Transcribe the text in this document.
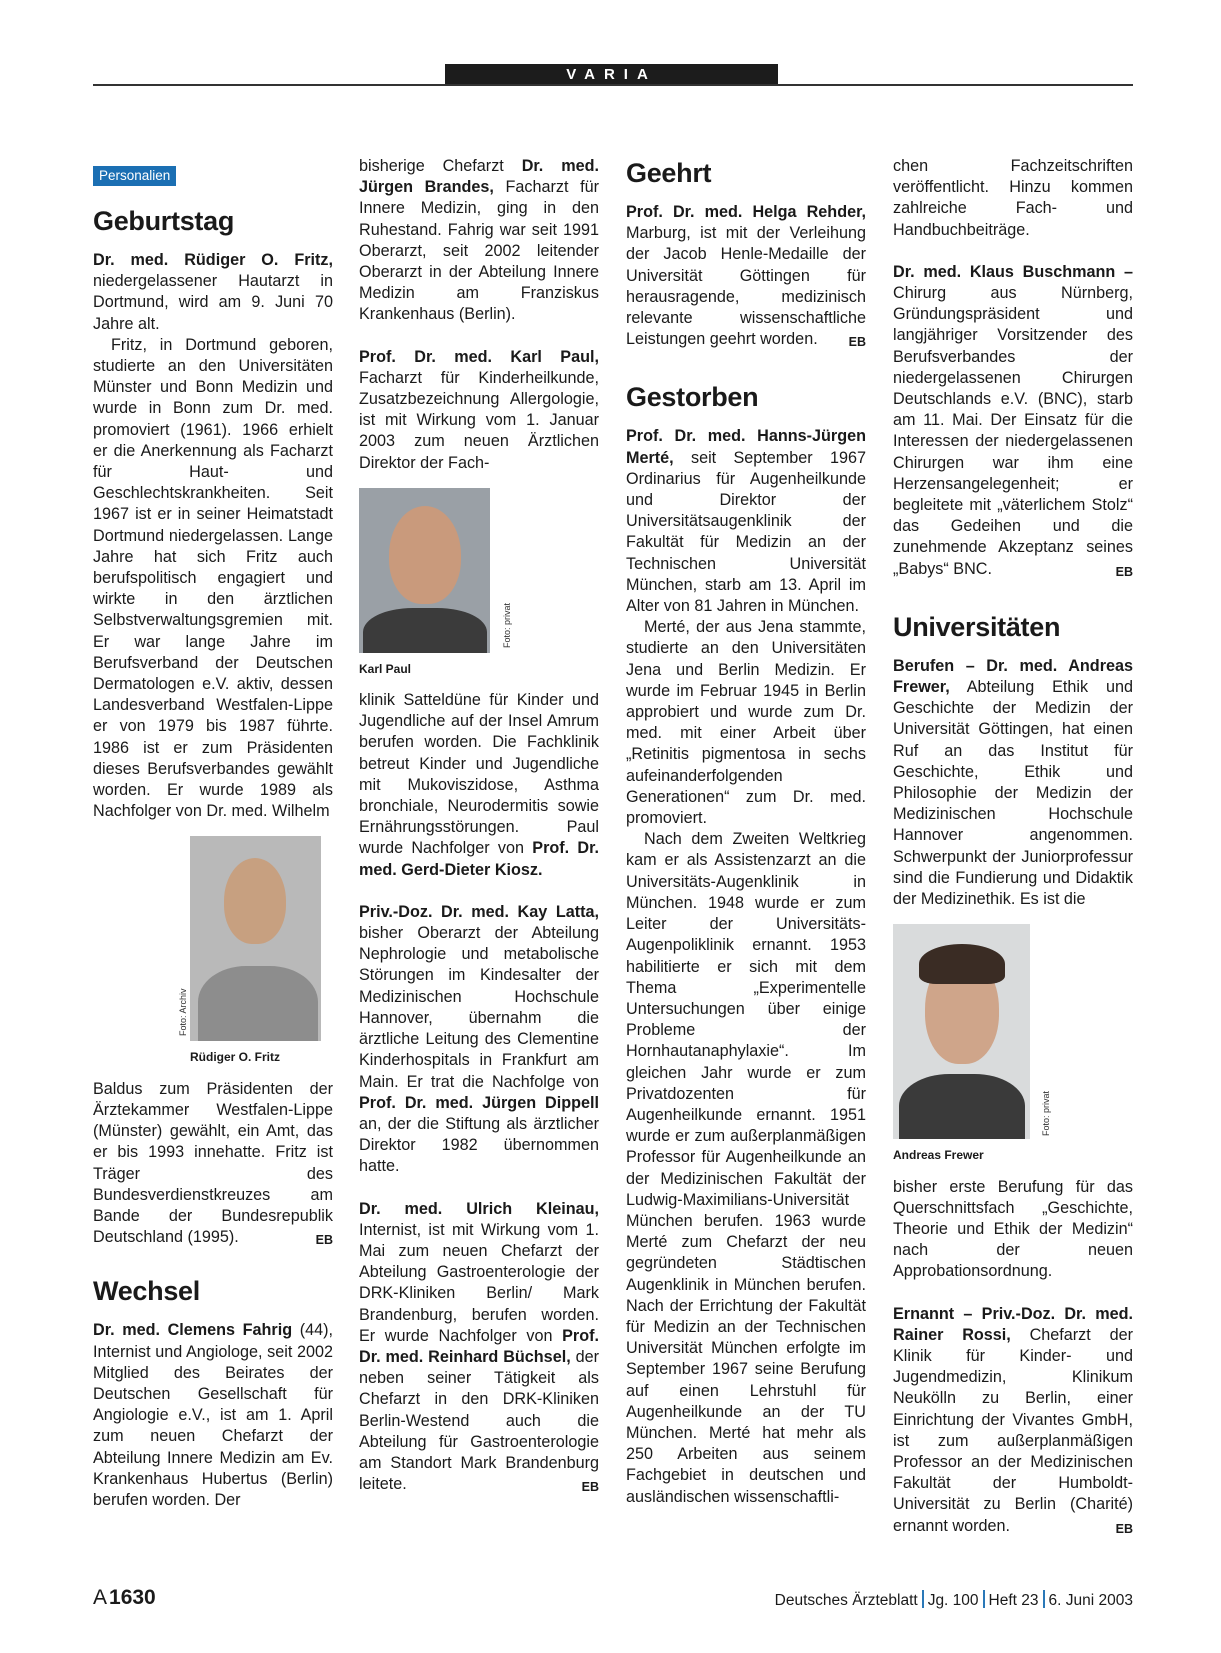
VARIA
Personalien
Geburtstag

Dr. med. Rüdiger O. Fritz, niedergelassener Hautarzt in Dortmund, wird am 9. Juni 70 Jahre alt.

Fritz, in Dortmund geboren, studierte an den Universitäten Münster und Bonn Medizin und wurde in Bonn zum Dr. med. promoviert (1961). 1966 erhielt er die Anerkennung als Facharzt für Haut- und Geschlechtskrankheiten. Seit 1967 ist er in seiner Heimatstadt Dortmund niedergelassen. Lange Jahre hat sich Fritz auch berufspolitisch engagiert und wirkte in den ärztlichen Selbstverwaltungsgremien mit. Er war lange Jahre im Berufsverband der Deutschen Dermatologen e.V. aktiv, dessen Landesverband Westfalen-Lippe er von 1979 bis 1987 führte. 1986 ist er zum Präsidenten dieses Berufsverbandes gewählt worden. Er wurde 1989 als Nachfolger von Dr. med. Wilhelm

Foto: Archiv
Rüdiger O. Fritz

Baldus zum Präsidenten der Ärztekammer Westfalen-Lippe (Münster) gewählt, ein Amt, das er bis 1993 innehatte. Fritz ist Träger des Bundesverdienstkreuzes am Bande der Bundesrepublik Deutschland (1995).	EB

Wechsel

Dr. med. Clemens Fahrig (44), Internist und Angiologe, seit 2002 Mitglied des Beirates der Deutschen Gesellschaft für Angiologie e.V., ist am 1. April zum neuen Chefarzt der Abteilung Innere Medizin am Ev. Krankenhaus Hubertus (Berlin) berufen worden. Der

bisherige Chefarzt Dr. med. Jürgen Brandes, Facharzt für Innere Medizin, ging in den Ruhestand. Fahrig war seit 1991 Oberarzt, seit 2002 leitender Oberarzt in der Abteilung Innere Medizin am Franziskus Krankenhaus (Berlin).

Prof. Dr. med. Karl Paul, Facharzt für Kinderheilkunde, Zusatzbezeichnung Allergologie, ist mit Wirkung vom 1. Januar 2003 zum neuen Ärztlichen Direktor der Fach-

Foto: privat
Karl Paul

klinik Satteldüne für Kinder und Jugendliche auf der Insel Amrum berufen worden. Die Fachklinik betreut Kinder und Jugendliche mit Mukoviszidose, Asthma bronchiale, Neurodermitis sowie Ernährungsstörungen. Paul wurde Nachfolger von Prof. Dr. med. Gerd-Dieter Kiosz.

Priv.-Doz. Dr. med. Kay Latta, bisher Oberarzt der Abteilung Nephrologie und metabolische Störungen im Kindesalter der Medizinischen Hochschule Hannover, übernahm die ärztliche Leitung des Clementine Kinderhospitals in Frankfurt am Main. Er trat die Nachfolge von Prof. Dr. med. Jürgen Dippell an, der die Stiftung als ärztlicher Direktor 1982 übernommen hatte.

Dr. med. Ulrich Kleinau, Internist, ist mit Wirkung vom 1. Mai zum neuen Chefarzt der Abteilung Gastroenterologie der DRK-Kliniken Berlin/ Mark Brandenburg, berufen worden. Er wurde Nachfolger von Prof. Dr. med. Reinhard Büchsel, der neben seiner Tätigkeit als Chefarzt in den DRK-Kliniken Berlin-Westend auch die Abteilung für Gastroenterologie am Standort Mark Brandenburg leitete.	EB

Geehrt

Prof. Dr. med. Helga Rehder, Marburg, ist mit der Verleihung der Jacob Henle-Medaille der Universität Göttingen für herausragende, medizinisch relevante wissenschaftliche Leistungen geehrt worden. EB

Gestorben

Prof. Dr. med. Hanns-Jürgen Merté, seit September 1967 Ordinarius für Augenheilkunde und Direktor der Universitätsaugenklinik der Fakultät für Medizin an der Technischen Universität München, starb am 13. April im Alter von 81 Jahren in München.

Merté, der aus Jena stammte, studierte an den Universitäten Jena und Berlin Medizin. Er wurde im Februar 1945 in Berlin approbiert und wurde zum Dr. med. mit einer Arbeit über „Retinitis pigmentosa in sechs aufeinanderfolgenden Generationen“ zum Dr. med. promoviert.

Nach dem Zweiten Weltkrieg kam er als Assistenzarzt an die Universitäts-Augenklinik in München. 1948 wurde er zum Leiter der Universitäts-Augenpoliklinik ernannt. 1953 habilitierte er sich mit dem Thema „Experimentelle Untersuchungen über einige Probleme der Hornhautanaphylaxie“. Im gleichen Jahr wurde er zum Privatdozenten für Augenheilkunde ernannt. 1951 wurde er zum außerplanmäßigen Professor für Augenheilkunde an der Medizinischen Fakultät der Ludwig-Maximilians-Universität München berufen. 1963 wurde Merté zum Chefarzt der neu gegründeten Städtischen Augenklinik in München berufen. Nach der Errichtung der Fakultät für Medizin an der Technischen Universität München erfolgte im September 1967 seine Berufung auf einen Lehrstuhl für Augenheilkunde an der TU München. Merté hat mehr als 250 Arbeiten aus seinem Fachgebiet in deutschen und ausländischen wissenschaftli-

chen Fachzeitschriften veröffentlicht. Hinzu kommen zahlreiche Fach- und Handbuchbeiträge.

Dr. med. Klaus Buschmann – Chirurg aus Nürnberg, Gründungspräsident und langjähriger Vorsitzender des Berufsverbandes der niedergelassenen Chirurgen Deutschlands e.V. (BNC), starb am 11. Mai. Der Einsatz für die Interessen der niedergelassenen Chirurgen war ihm eine Herzensangelegenheit; er begleitete mit „väterlichem Stolz“ das Gedeihen und die zunehmende Akzeptanz seines „Babys“ BNC.	EB

Universitäten

Berufen – Dr. med. Andreas Frewer, Abteilung Ethik und Geschichte der Medizin der Universität Göttingen, hat einen Ruf an das Institut für Geschichte, Ethik und Philosophie der Medizin der Medizinischen Hochschule Hannover angenommen. Schwerpunkt der Juniorprofessur sind die Fundierung und Didaktik der Medizinethik. Es ist die

Foto: privat
Andreas Frewer

bisher erste Berufung für das Querschnittsfach „Geschichte, Theorie und Ethik der Medizin“ nach der neuen Approbationsordnung.

Ernannt – Priv.-Doz. Dr. med. Rainer Rossi, Chefarzt der Klinik für Kinder- und Jugendmedizin, Klinikum Neukölln zu Berlin, einer Einrichtung der Vivantes GmbH, ist zum außerplanmäßigen Professor an der Medizinischen Fakultät der Humboldt-Universität zu Berlin (Charité) ernannt worden.	EB

A1630	Deutsches Ärzteblatt Jg. 100 Heft 23 6. Juni 2003
